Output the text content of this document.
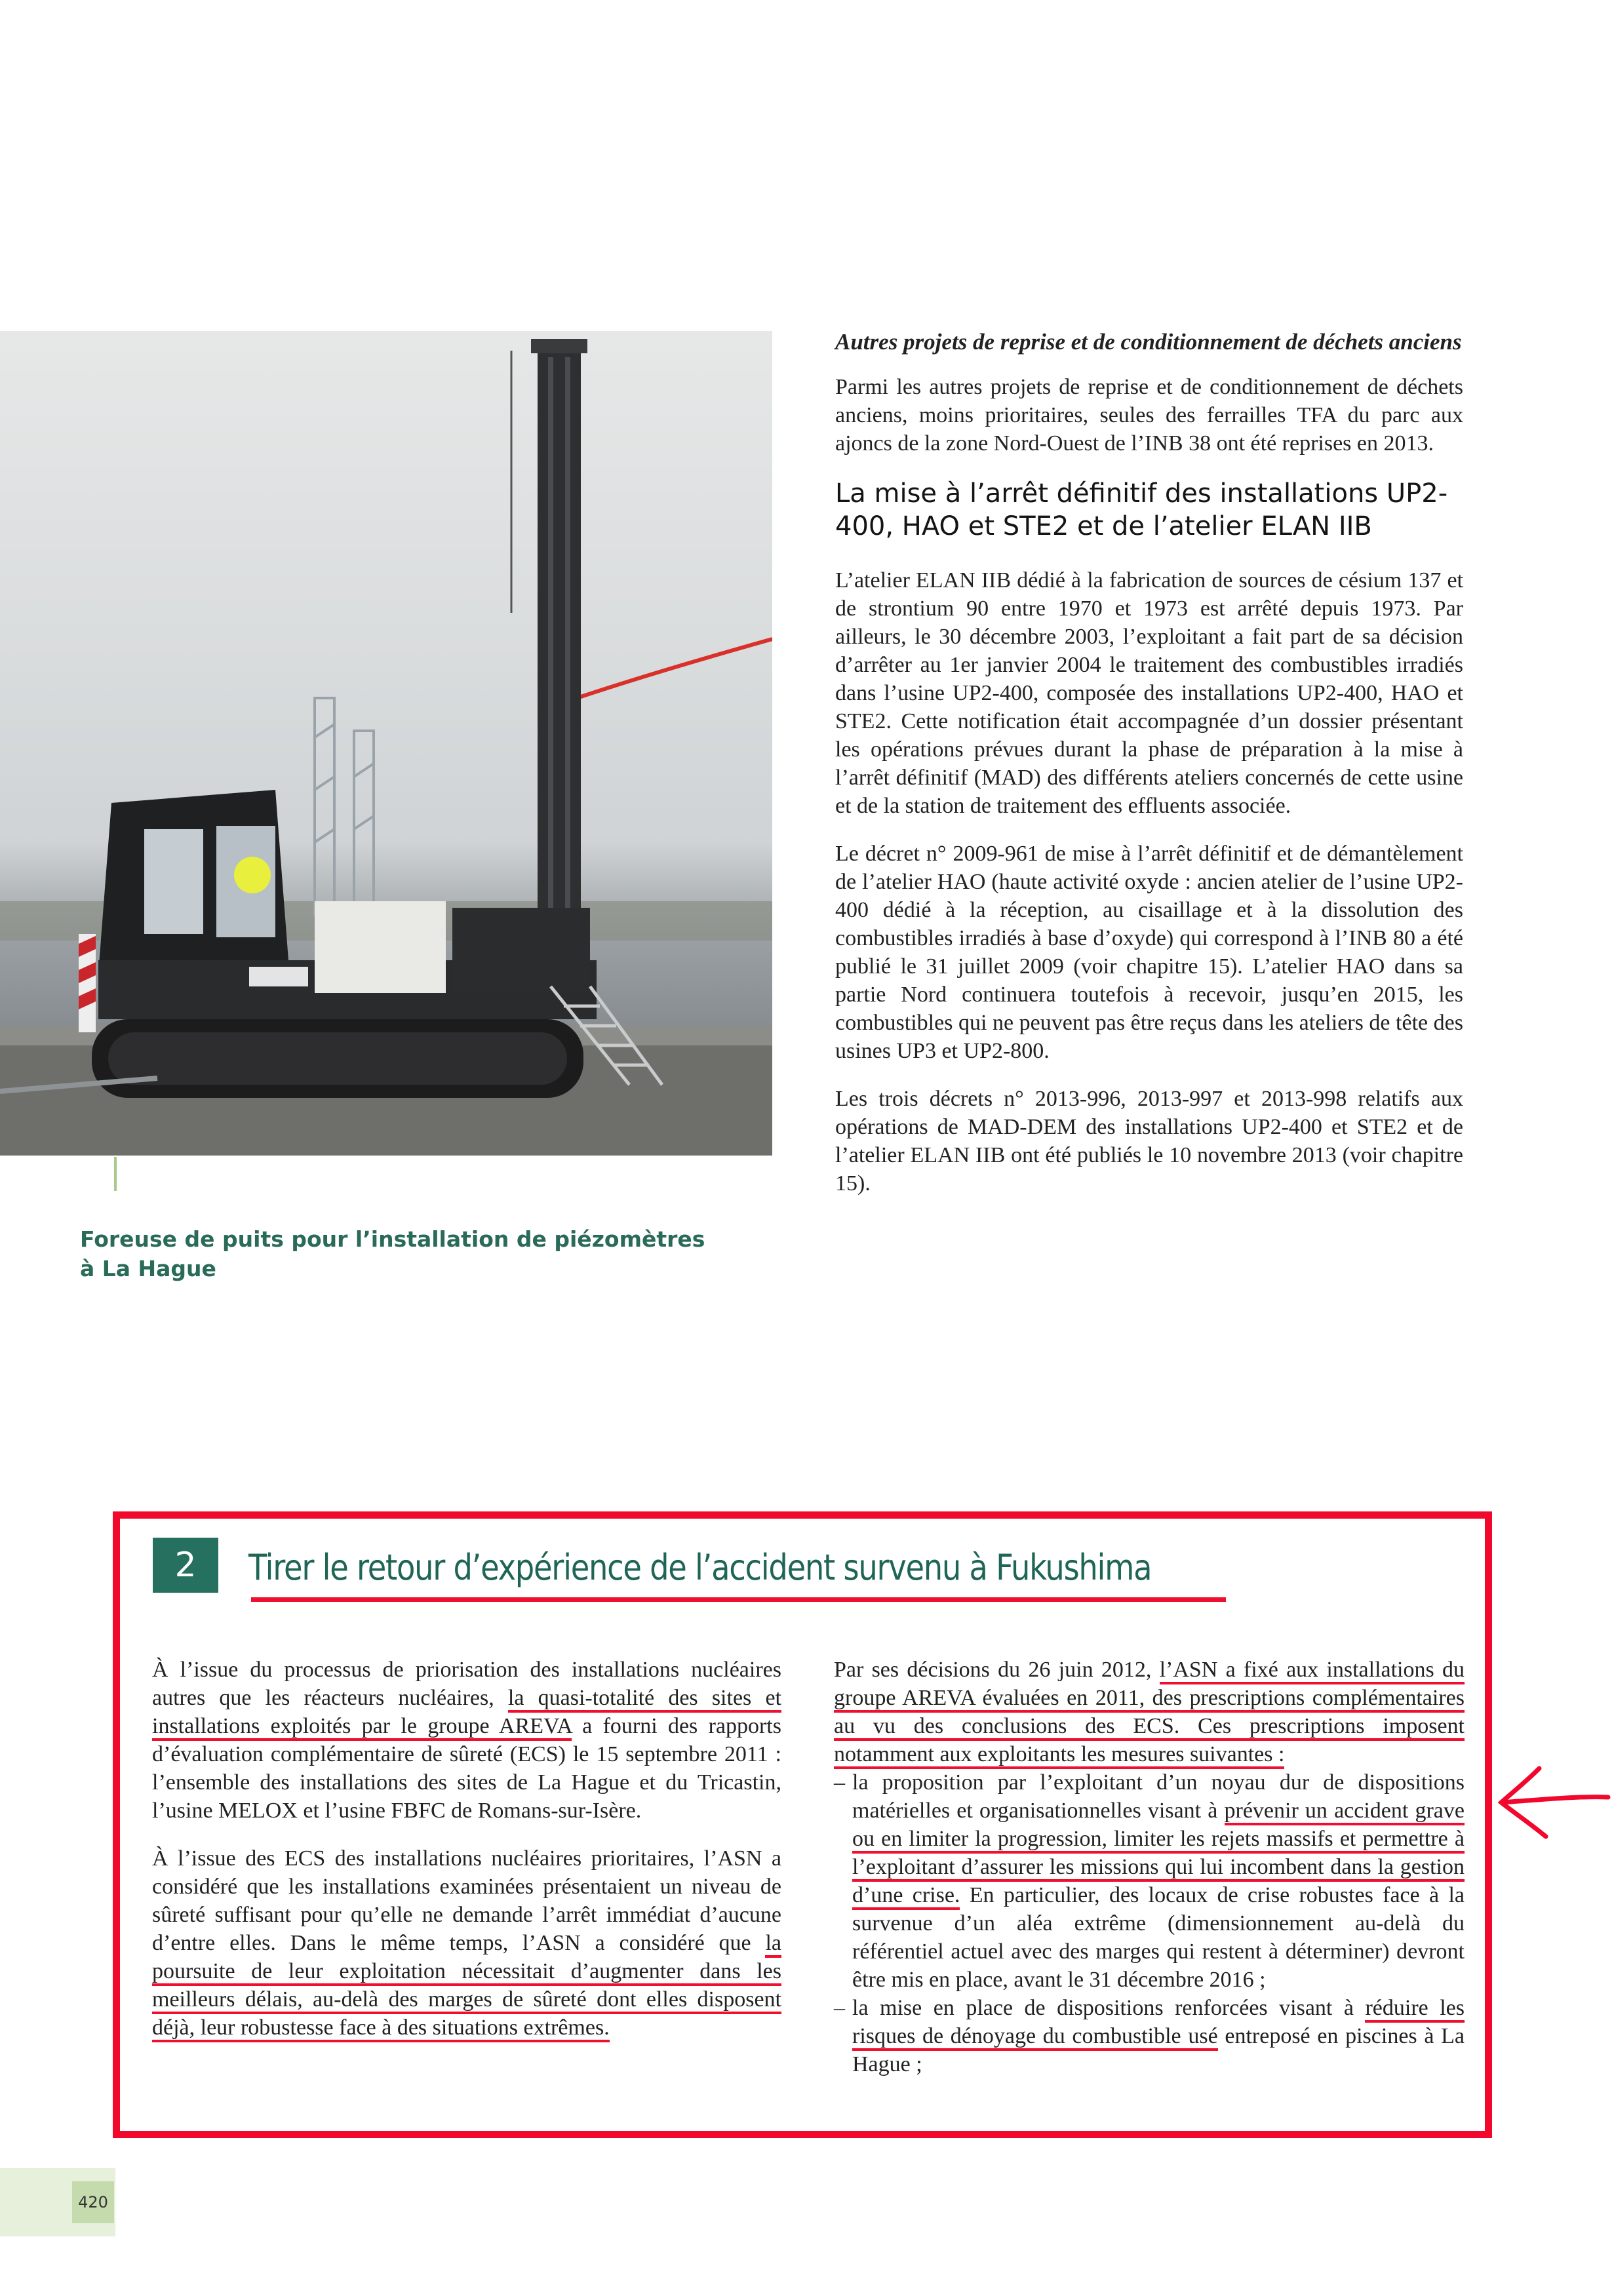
Foreuse de puits pour l’installation de piézomètres à La Hague
Autres projets de reprise et de conditionnement de déchets anciens

Parmi les autres projets de reprise et de conditionnement de déchets anciens, moins prioritaires, seules des ferrailles TFA du parc aux ajoncs de la zone Nord-Ouest de l’INB 38 ont été reprises en 2013.

La mise à l’arrêt définitif des installations UP2-400, HAO et STE2 et de l’atelier ELAN IIB

L’atelier ELAN IIB dédié à la fabrication de sources de césium 137 et de strontium 90 entre 1970 et 1973 est arrêté depuis 1973. Par ailleurs, le 30 décembre 2003, l’exploitant a fait part de sa décision d’arrêter au 1er janvier 2004 le traitement des combustibles irradiés dans l’usine UP2-400, composée des installations UP2-400, HAO et STE2. Cette notification était accompagnée d’un dossier présentant les opérations prévues durant la phase de préparation à la mise à l’arrêt définitif (MAD) des différents ateliers concernés de cette usine et de la station de traitement des effluents associée.

Le décret n° 2009-961 de mise à l’arrêt définitif et de démantèlement de l’atelier HAO (haute activité oxyde : ancien atelier de l’usine UP2-400 dédié à la réception, au cisaillage et à la dissolution des combustibles irradiés à base d’oxyde) qui correspond à l’INB 80 a été publié le 31 juillet 2009 (voir chapitre 15). L’atelier HAO dans sa partie Nord continuera toutefois à recevoir, jusqu’en 2015, les combustibles qui ne peuvent pas être reçus dans les ateliers de tête des usines UP3 et UP2-800.

Les trois décrets n° 2013-996, 2013-997 et 2013-998 relatifs aux opérations de MAD-DEM des installations UP2-400 et STE2 et de l’atelier ELAN IIB ont été publiés le 10 novembre 2013 (voir chapitre 15).

2	Tirer le retour d’expérience de l’accident survenu à Fukushima

À l’issue du processus de priorisation des installations nucléaires autres que les réacteurs nucléaires, la quasi-totalité des sites et installations exploités par le groupe AREVA a fourni des rapports d’évaluation complémentaire de sûreté (ECS) le 15 septembre 2011 : l’ensemble des installations des sites de La Hague et du Tricastin, l’usine MELOX et l’usine FBFC de Romans-sur-Isère.

À l’issue des ECS des installations nucléaires prioritaires, l’ASN a considéré que les installations examinées présentaient un niveau de sûreté suffisant pour qu’elle ne demande l’arrêt immédiat d’aucune d’entre elles. Dans le même temps, l’ASN a considéré que la poursuite de leur exploitation nécessitait d’augmenter dans les meilleurs délais, au-delà des marges de sûreté dont elles disposent déjà, leur robustesse face à des situations extrêmes.

Par ses décisions du 26 juin 2012, l’ASN a fixé aux installations du groupe AREVA évaluées en 2011, des prescriptions complémentaires au vu des conclusions des ECS. Ces prescriptions imposent notamment aux exploitants les mesures suivantes :

– la proposition par l’exploitant d’un noyau dur de dispositions matérielles et organisationnelles visant à prévenir un accident grave ou en limiter la progression, limiter les rejets massifs et permettre à l’exploitant d’assurer les missions qui lui incombent dans la gestion d’une crise. En particulier, des locaux de crise robustes face à la survenue d’un aléa extrême (dimensionnement au-delà du référentiel actuel avec des marges qui restent à déterminer) devront être mis en place, avant le 31 décembre 2016 ;
– la mise en place de dispositions renforcées visant à réduire les risques de dénoyage du combustible usé entreposé en piscines à La Hague ;
420
